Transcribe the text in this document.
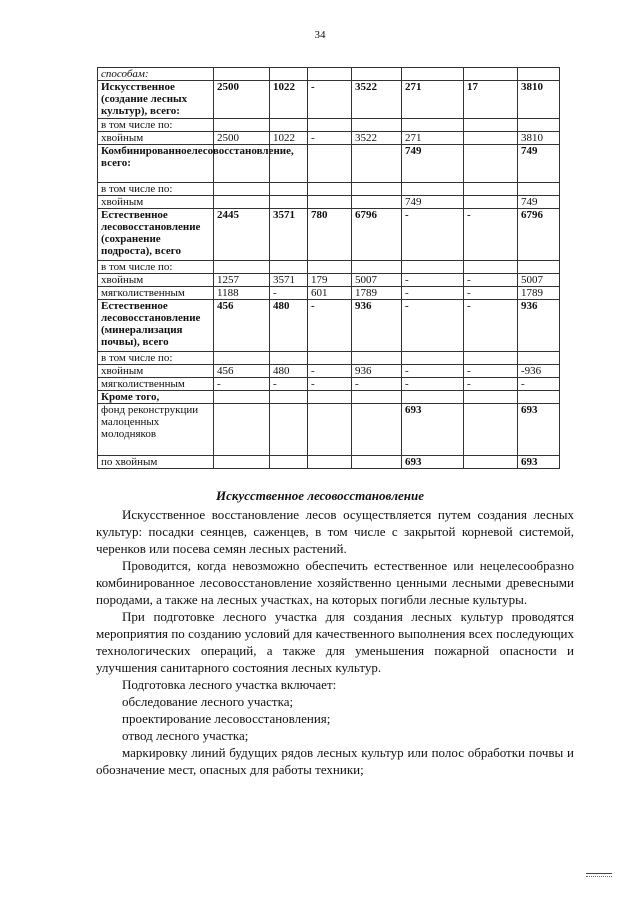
34
способам:							
Искусственное (создание лесных культур), всего:	2500	1022	-	3522	271	17	3810
в том числе по:							
хвойным	2500	1022	-	3522	271		3810
Комбинированноелесовосстановление, всего:					749		749
в том числе по:							
хвойным					749		749
Естественное лесовосстановление (сохранение подроста), всего	2445	3571	780	6796	-	-	6796
в том числе по:							
хвойным	1257	3571	179	5007	-	-	5007
мягколиственным	1188	-	601	1789	-	-	1789
Естественное лесовосстановление (минерализация почвы), всего	456	480	-	936	-	-	936
в том числе по:							
хвойным	456	480	-	936	-	-	-936
мягколиственным	-	-	-	-	-	-	-
Кроме того,							
фонд реконструкции малоценных молодняков					693		693
по хвойным					693		693
Искусственное лесовосстановление

Искусственное восстановление лесов осуществляется путем создания лесных культур: посадки сеянцев, саженцев, в том числе с закрытой корневой системой, черенков или посева семян лесных растений.

Проводится, когда невозможно обеспечить естественное или нецелесообразно комбинированное лесовосстановление хозяйственно ценными лесными древесными породами, а также на лесных участках, на которых погибли лесные культуры.

При подготовке лесного участка для создания лесных культур проводятся мероприятия по созданию условий для качественного выполнения всех последующих технологических операций, а также для уменьшения пожарной опасности и улучшения санитарного состояния лесных культур.

Подготовка лесного участка включает:

обследование лесного участка;

проектирование лесовосстановления;

отвод лесного участка;

маркировку линий будущих рядов лесных культур или полос обработки почвы и обозначение мест, опасных для работы техники;
